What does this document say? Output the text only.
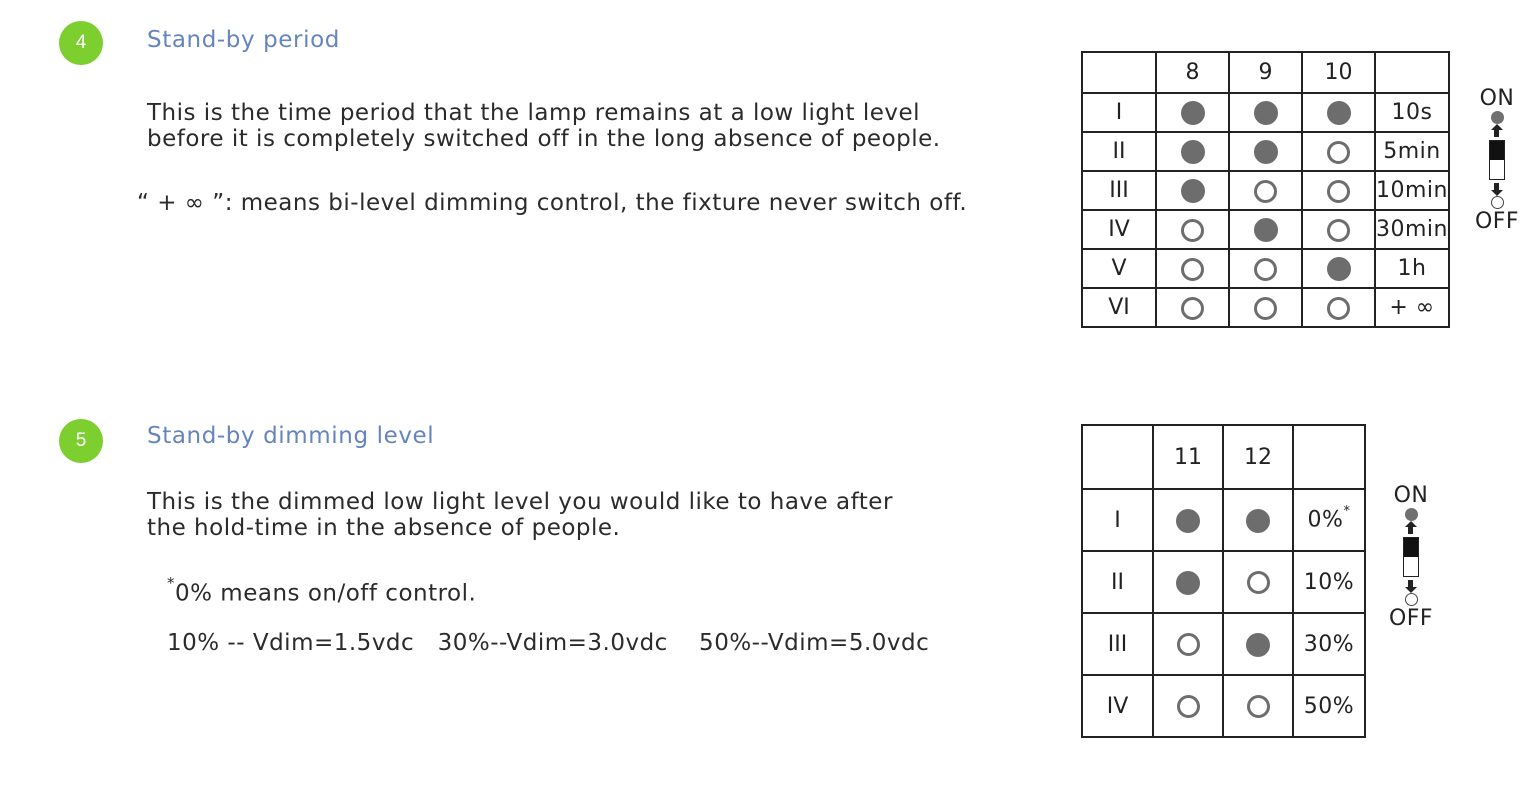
4	Stand-by period
This is the time period that the lamp remains at a low light level
before it is completely switched off in the long absence of people.
“ + ∞ ”: means bi-level dimming control, the fixture never switch off.
	8	9	10	
I				10s
II				5min
III				10min
IV				30min
V				1h
VI				+ ∞
ON
OFF
5	Stand-by dimming level
This is the dimmed low light level you would like to have after
the hold-time in the absence of people.
*0% means on/off control.
10% -- Vdim=1.5vdc   30%--Vdim=3.0vdc    50%--Vdim=5.0vdc
	11	12	
I			0%*
II			10%
III			30%
IV			50%
ON
OFF
